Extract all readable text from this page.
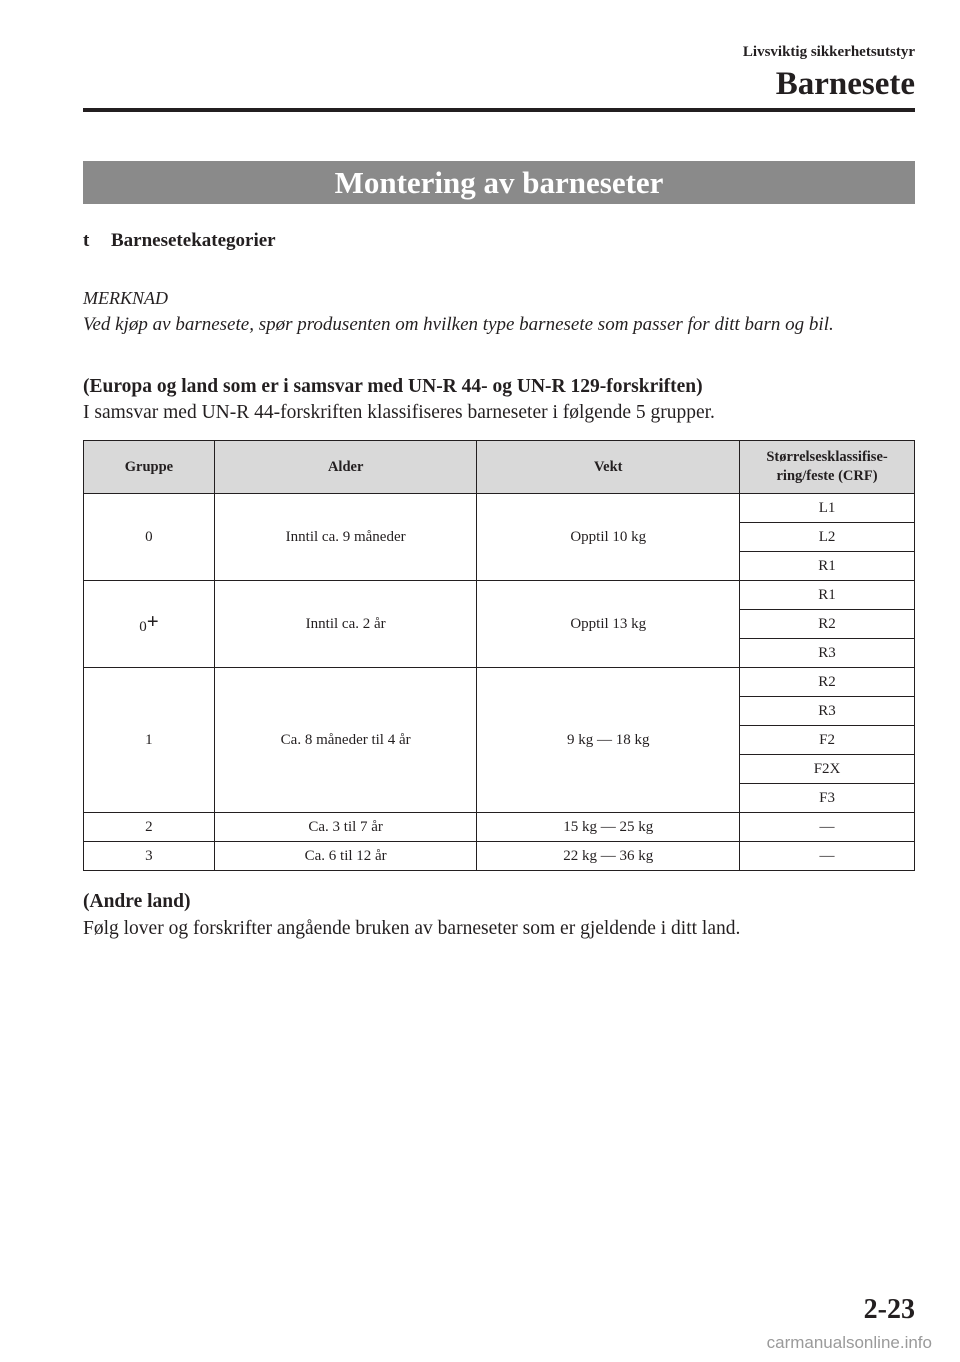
Livsviktig sikkerhetsutstyr
Barnesete
Montering av barneseter
t Barnesetekategorier
MERKNAD
Ved kjøp av barnesete, spør produsenten om hvilken type barnesete som passer for ditt barn og bil.
(Europa og land som er i samsvar med UN-R 44- og UN-R 129-forskriften)
I samsvar med UN-R 44-forskriften klassifiseres barneseter i følgende 5 grupper.
Gruppe	Alder	Vekt	Størrelsesklassifise-
ring/feste (CRF)
0	Inntil ca. 9 måneder	Opptil 10 kg	L1
			L2
			R1
0+	Inntil ca. 2 år	Opptil 13 kg	R1
			R2
			R3
1	Ca. 8 måneder til 4 år	9 kg — 18 kg	R2
			R3
			F2
			F2X
			F3
2	Ca. 3 til 7 år	15 kg — 25 kg	—
3	Ca. 6 til 12 år	22 kg — 36 kg	—
(Andre land)
Følg lover og forskrifter angående bruken av barneseter som er gjeldende i ditt land.
2-23
carmanualsonline.info
